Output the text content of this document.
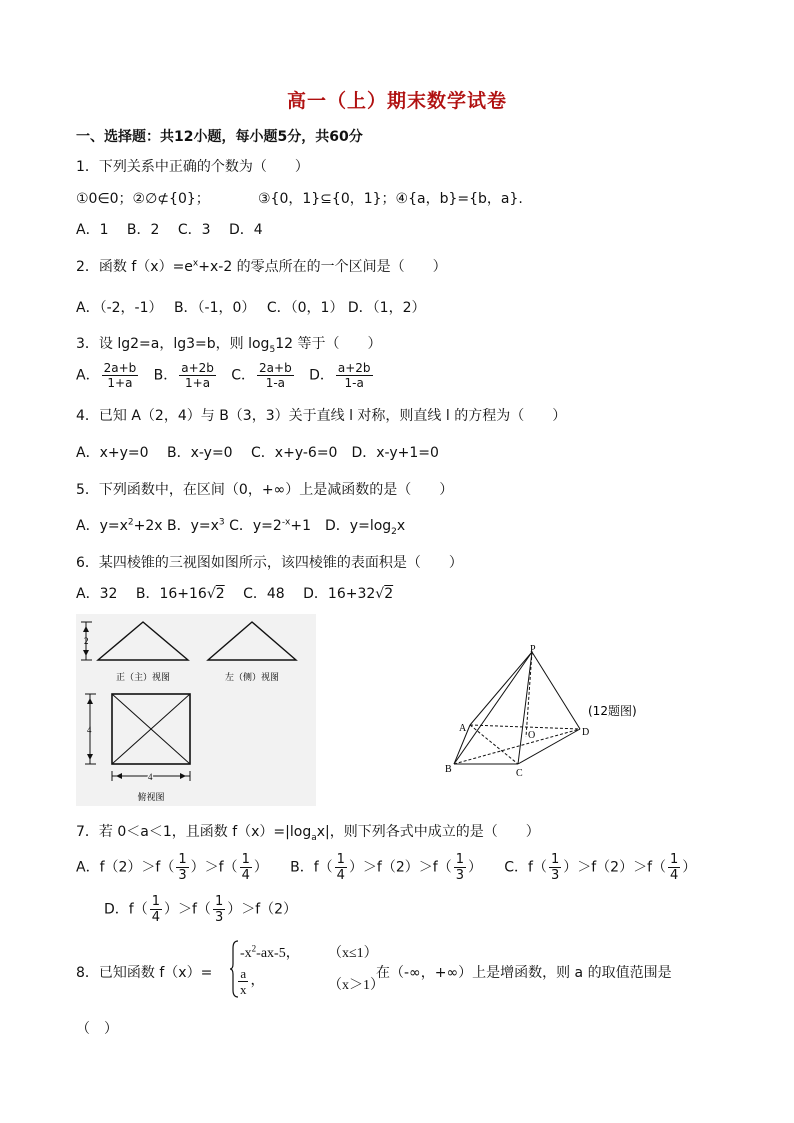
高一（上）期末数学试卷
一、选择题：共12小题，每小题5分，共60分
1．下列关系中正确的个数为（　　）
①0∈0；②∅⊄{0}；	③{0，1}⊆{0，1}；④{a，b}={b，a}.
A．1　 B．2　 C．3　 D．4
2．函数 $f(x)=e^x+x-2$ 的零点所在的一个区间是（　　）
A．（-2，-1）　 B．（-1，0）　 C．（0，1） D．（1，2）
3．设 lg2=a，lg3=b，则 $\log_512$ 等于（　　）
A． $\frac{2a+b}{1+a}$ B． $\frac{a+2b}{1+a}$ C． $\frac{2a+b}{1-a}$ D． $\frac{a+2b}{1-a}$
4．已知 A（2，4）与 B（3，3）关于直线 l 对称，则直线 l 的方程为（　　）
A．x+y=0　 B．x-y=0　 C．x+y-6=0　D．x-y+1=0
5．下列函数中，在区间（0，+∞）上是减函数的是（　　）
A．$y=x^2+2x$ B．$y=x^3$ C．$y=2^{-x}+1$　D．$y=\log_2x$
6．某四棱锥的三视图如图所示，该四棱锥的表面积是（　　）
A．32　 B．16+16√2　 C．48　 D．16+32√2
2
正（主）视图	左（侧）视图
4
4
俯视图
P
A
B	C
D
O
(12题图)
7．若 0＜a＜1，且函数 $f(x)=|\log_ax|$，则下列各式中成立的是（　　）
A．$f(2)>f( \frac{1}{3} )>f( \frac{1}{4}$ ） B．$f( \frac{1}{4} )>f(2)>f( \frac{1}{3}$ ） C．$f( \frac{1}{3} )>f(2)>f( \frac{1}{4}$ ）
D．$f( \frac{1}{4} )>f( \frac{1}{3} )>f(2)$
8．已知函数 f（x）=
$-x^2-ax-5$， （x≤1）
$\frac{a}{x}$ ，	（x＞1）
在（-∞，+∞）上是增函数，则 a 的取值范围是
（　）
